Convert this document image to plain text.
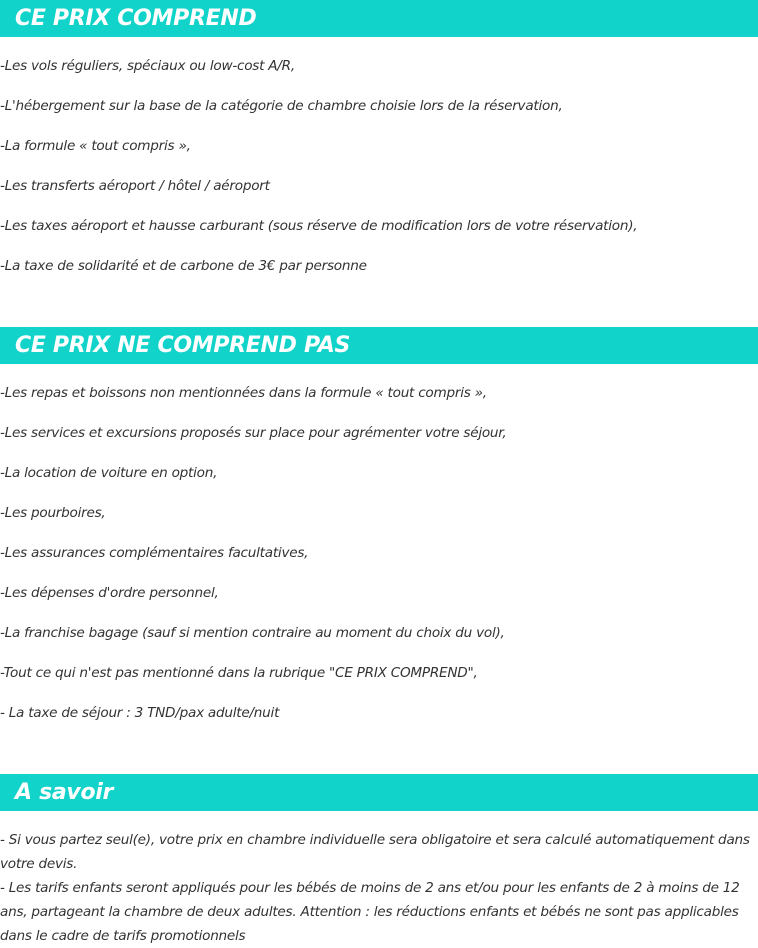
CE PRIX COMPREND
-Les vols réguliers, spéciaux ou low-cost A/R,
-L'hébergement sur la base de la catégorie de chambre choisie lors de la réservation,
-La formule « tout compris »,
-Les transferts aéroport / hôtel / aéroport
-Les taxes aéroport et hausse carburant (sous réserve de modification lors de votre réservation),
-La taxe de solidarité et de carbone de 3€ par personne
CE PRIX NE COMPREND PAS
-Les repas et boissons non mentionnées dans la formule « tout compris »,
-Les services et excursions proposés sur place pour agrémenter votre séjour,
-La location de voiture en option,
-Les pourboires,
-Les assurances complémentaires facultatives,
-Les dépenses d'ordre personnel,
-La franchise bagage (sauf si mention contraire au moment du choix du vol),
-Tout ce qui n'est pas mentionné dans la rubrique "CE PRIX COMPREND",
- La taxe de séjour : 3 TND/pax adulte/nuit
A savoir

- Si vous partez seul(e), votre prix en chambre individuelle sera obligatoire et sera calculé automatiquement dans votre devis.

- Les tarifs enfants seront appliqués pour les bébés de moins de 2 ans et/ou pour les enfants de 2 à moins de 12 ans, partageant la chambre de deux adultes. Attention : les réductions enfants et bébés ne sont pas applicables dans le cadre de tarifs promotionnels
